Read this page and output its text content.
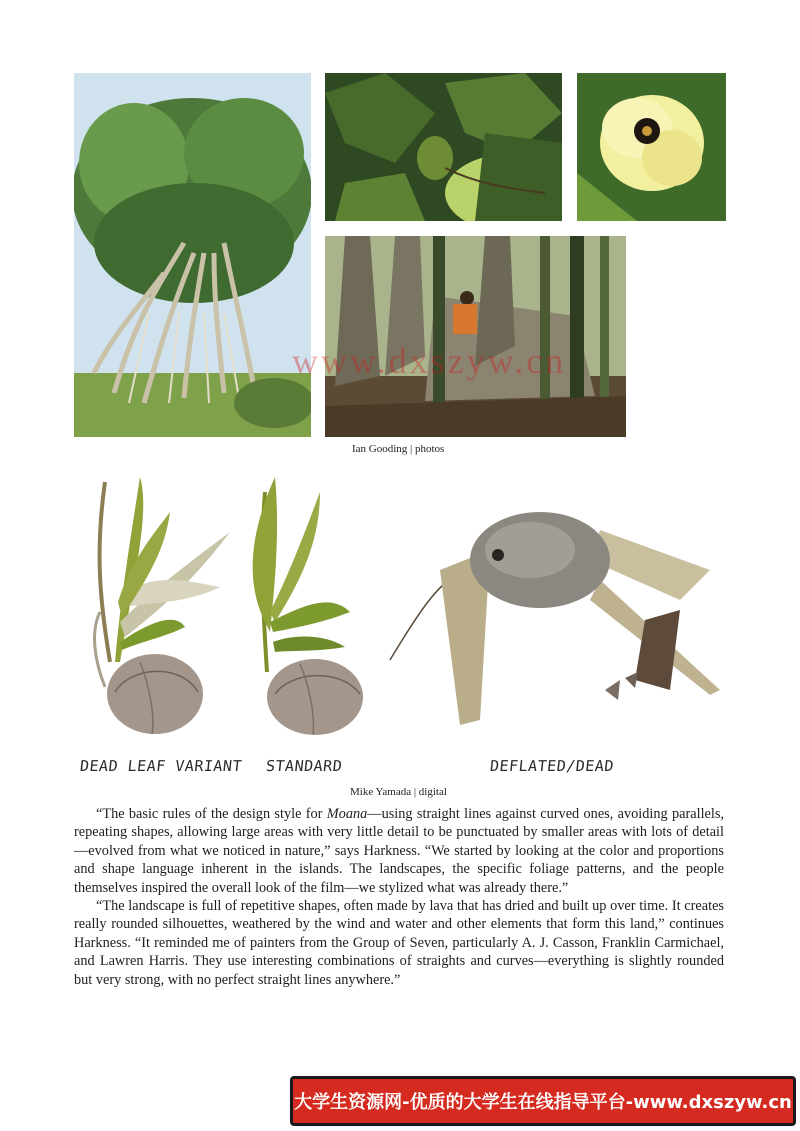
www.dxszyw.cn
Ian Gooding | photos
DEAD LEAF VARIANT STANDARD	DEFLATED/DEAD
Mike Yamada | digital

“The basic rules of the design style for Moana—using straight lines against curved ones, avoiding parallels, repeating shapes, allowing large areas with very little detail to be punctuated by smaller areas with lots of detail—evolved from what we noticed in nature,” says Harkness. “We started by looking at the color and proportions and shape language inherent in the islands. The landscapes, the specific foliage patterns, and the people themselves inspired the overall look of the film—we stylized what was already there.”

“The landscape is full of repetitive shapes, often made by lava that has dried and built up over time. It creates really rounded silhouettes, weathered by the wind and water and other elements that form this land,” continues Harkness. “It reminded me of painters from the Group of Seven, particularly A. J. Casson, Franklin Carmichael, and Lawren Harris. They use interesting combinations of straights and curves—everything is slightly rounded but very strong, with no perfect straight lines anywhere.”

大学生资源网-优质的大学生在线指导平台-www.dxszyw.cn
